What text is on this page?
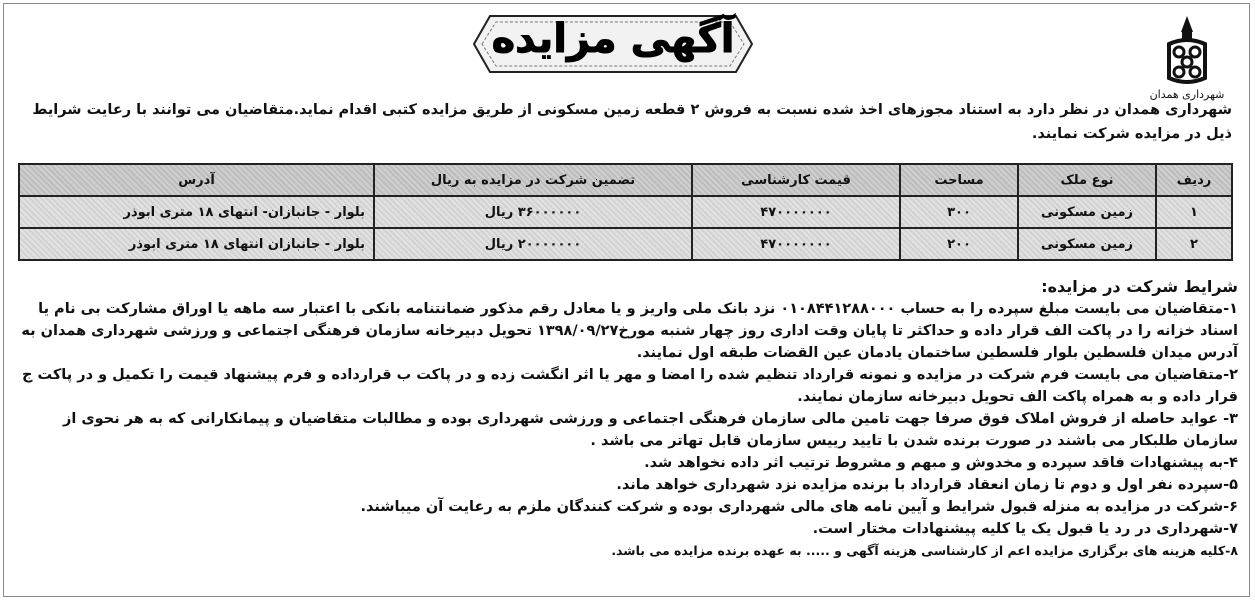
شهرداری همدان
آگهی مزایده
شهرداری همدان در نظر دارد به استناد مجوزهای اخذ شده نسبت به فروش ۲ قطعه زمین مسکونی از طریق مزایده کتبی اقدام نماید.متقاضیان می توانند با رعایت شرایط ذیل در مزایده شرکت نمایند.
ردیف	نوع ملک	مساحت	قیمت کارشناسی	تضمین شرکت در مزایده به ریال	آدرس
۱	زمین مسکونی	۳۰۰	۴۷۰۰۰۰۰۰۰	۳۶۰۰۰۰۰۰ ریال	بلوار - جانبازان- انتهای ۱۸ متری ابوذر
۲	زمین مسکونی	۲۰۰	۴۷۰۰۰۰۰۰۰	۲۰۰۰۰۰۰۰ ریال	بلوار - جانبازان انتهای ۱۸ متری ابوذر
شرایط شرکت در مزایده:
۱-متقاضیان می بایست مبلغ سپرده را به حساب ۰۱۰۸۴۴۱۲۸۸۰۰۰ نزد بانک ملی واریز و یا معادل رقم مذکور ضمانتنامه بانکی با اعتبار سه ماهه یا اوراق مشارکت بی نام یا اسناد خزانه را در پاکت الف قرار داده و حداکثر تا پایان وقت اداری روز چهار شنبه مورخ۱۳۹۸/۰۹/۲۷ تحویل دبیرخانه سازمان فرهنگی اجتماعی و ورزشی شهرداری همدان به آدرس میدان فلسطین بلوار فلسطین ساختمان یادمان عین القضات طبقه اول نمایند.
۲-متقاضیان می بایست فرم شرکت در مزایده و نمونه قرارداد تنظیم شده را امضا و مهر یا اثر انگشت زده و در پاکت ب قرارداده و فرم پیشنهاد قیمت را تکمیل و در پاکت ج قرار داده و به همراه پاکت الف تحویل دبیرخانه سازمان نمایند.
۳- عواید حاصله از فروش املاک فوق صرفا جهت تامین مالی سازمان فرهنگی اجتماعی و ورزشی شهرداری بوده و مطالبات متقاضیان و پیمانکارانی که به هر نحوی از سازمان طلبکار می باشند در صورت برنده شدن با تایید رییس سازمان قابل تهاتر می باشد .
۴-به پیشنهادات فاقد سپرده و مخدوش و مبهم و مشروط ترتیب اثر داده نخواهد شد.
۵-سپرده نفر اول و دوم تا زمان انعقاد قرارداد با برنده مزایده نزد شهرداری خواهد ماند.
۶-شرکت در مزایده به منزله قبول شرایط و آیین نامه های مالی شهرداری بوده و شرکت کنندگان ملزم به رعایت آن میباشند.
۷-شهرداری در رد یا قبول یک یا کلیه پیشنهادات مختار است.
۸-کلیه هزینه های برگزاری مزایده اعم از کارشناسی هزینه آگهی و ..... به عهده برنده مزایده می باشد.
